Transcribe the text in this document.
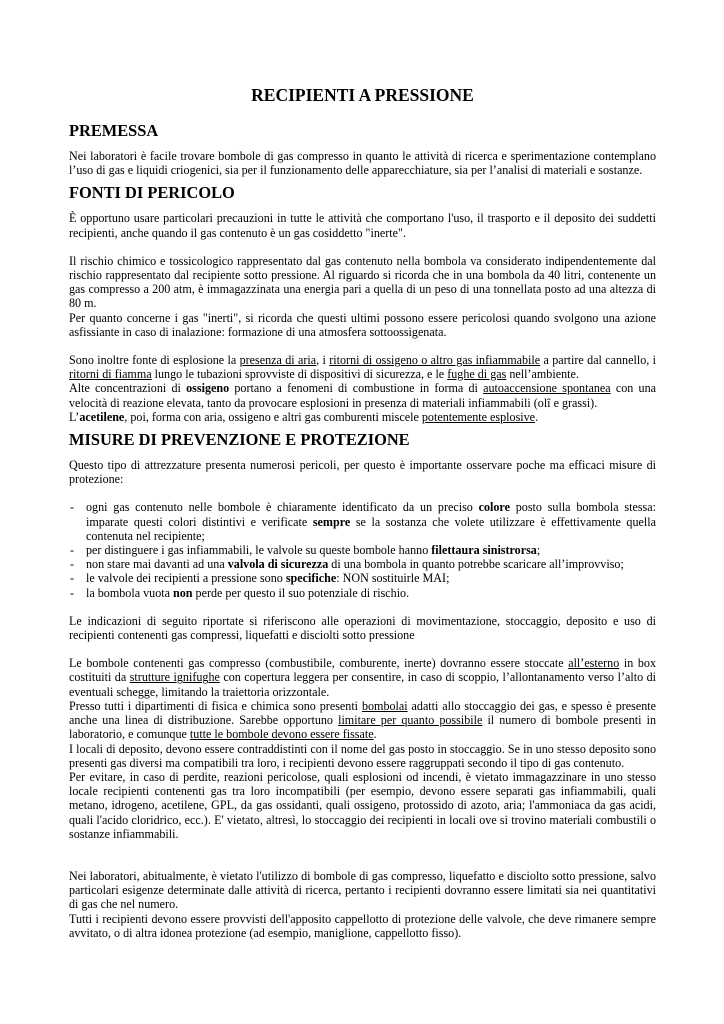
RECIPIENTI A PRESSIONE
PREMESSA

Nei laboratori è facile trovare bombole di gas compresso in quanto le attività di ricerca e sperimentazione contemplano l’uso di gas e liquidi criogenici, sia per il funzionamento delle apparecchiature, sia per l’analisi di materiali e sostanze.

FONTI DI PERICOLO

È opportuno usare particolari precauzioni in tutte le attività che comportano l'uso, il trasporto e il deposito dei suddetti recipienti, anche quando il gas contenuto è un gas cosiddetto "inerte".

Il rischio chimico e tossicologico rappresentato dal gas contenuto nella bombola va considerato indipendentemente dal rischio rappresentato dal recipiente sotto pressione. Al riguardo si ricorda che in una bombola da 40 litri, contenente un gas compresso a 200 atm, è immagazzinata una energia pari a quella di un peso di una tonnellata posto ad una altezza di 80 m.

Per quanto concerne i gas "inerti", si ricorda che questi ultimi possono essere pericolosi quando svolgono una azione asfissiante in caso di inalazione: formazione di una atmosfera sottoossigenata.

Sono inoltre fonte di esplosione la presenza di aria, i ritorni di ossigeno o altro gas infiammabile a partire dal cannello, i ritorni di fiamma lungo le tubazioni sprovviste di dispositivi di sicurezza, e le fughe di gas nell’ambiente.

Alte concentrazioni di ossigeno portano a fenomeni di combustione in forma di autoaccensione spontanea con una velocità di reazione elevata, tanto da provocare esplosioni in presenza di materiali infiammabili (olî e grassi).

L’acetilene, poi, forma con aria, ossigeno e altri gas comburenti miscele potentemente esplosive.

MISURE DI PREVENZIONE E PROTEZIONE

Questo tipo di attrezzature presenta numerosi pericoli, per questo è importante osservare poche ma efficaci misure di protezione:

- ogni gas contenuto nelle bombole è chiaramente identificato da un preciso colore posto sulla bombola stessa: imparate questi colori distintivi e verificate sempre se la sostanza che volete utilizzare è effettivamente quella contenuta nel recipiente;
- per distinguere i gas infiammabili, le valvole su queste bombole hanno filettaura sinistrorsa;
- non stare mai davanti ad una valvola di sicurezza di una bombola in quanto potrebbe scaricare all’improvviso;
- le valvole dei recipienti a pressione sono specifiche: NON sostituirle MAI;
- la bombola vuota non perde per questo il suo potenziale di rischio.

Le indicazioni di seguito riportate si riferiscono alle operazioni di movimentazione, stoccaggio, deposito e uso di recipienti contenenti gas compressi, liquefatti e disciolti sotto pressione

Le bombole contenenti gas compresso (combustibile, comburente, inerte) dovranno essere stoccate all’esterno in box costituiti da strutture ignifughe con copertura leggera per consentire, in caso di scoppio, l’allontanamento verso l’alto di eventuali schegge, limitando la traiettoria orizzontale.

Presso tutti i dipartimenti di fisica e chimica sono presenti bombolai adatti allo stoccaggio dei gas, e spesso è presente anche una linea di distribuzione. Sarebbe opportuno limitare per quanto possibile il numero di bombole presenti in laboratorio, e comunque tutte le bombole devono essere fissate.

I locali di deposito, devono essere contraddistinti con il nome del gas posto in stoccaggio. Se in uno stesso deposito sono presenti gas diversi ma compatibili tra loro, i recipienti devono essere raggruppati secondo il tipo di gas contenuto.

Per evitare, in caso di perdite, reazioni pericolose, quali esplosioni od incendi, è vietato immagazzinare in uno stesso locale recipienti contenenti gas tra loro incompatibili (per esempio, devono essere separati gas infiammabili, quali metano, idrogeno, acetilene, GPL, da gas ossidanti, quali ossigeno, protossido di azoto, aria; l'ammoniaca da gas acidi, quali l'acido cloridrico, ecc.). E' vietato, altresì, lo stoccaggio dei recipienti in locali ove si trovino materiali combustili o sostanze infiammabili.

Nei laboratori, abitualmente, è vietato l'utilizzo di bombole di gas compresso, liquefatto e disciolto sotto pressione, salvo particolari esigenze determinate dalle attività di ricerca, pertanto i recipienti dovranno essere limitati sia nei quantitativi di gas che nel numero.

Tutti i recipienti devono essere provvisti dell'apposito cappellotto di protezione delle valvole, che deve rimanere sempre avvitato, o di altra idonea protezione (ad esempio, maniglione, cappellotto fisso).
